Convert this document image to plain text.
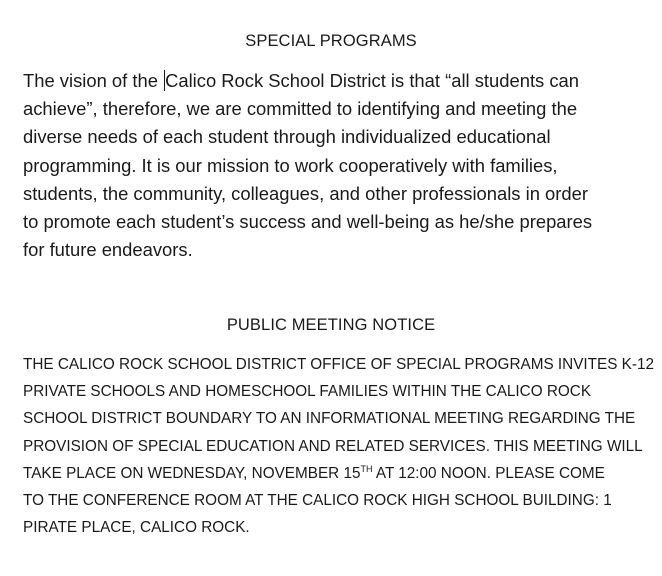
SPECIAL PROGRAMS
The vision of the Calico Rock School District is that “all students can
achieve”, therefore, we are committed to identifying and meeting the
diverse needs of each student through individualized educational
programming. It is our mission to work cooperatively with families,
students, the community, colleagues, and other professionals in order
to promote each student’s success and well-being as he/she prepares
for future endeavors.
PUBLIC MEETING NOTICE
THE CALICO ROCK SCHOOL DISTRICT OFFICE OF SPECIAL PROGRAMS INVITES K-12
PRIVATE SCHOOLS AND HOMESCHOOL FAMILIES WITHIN THE CALICO ROCK
SCHOOL DISTRICT BOUNDARY TO AN INFORMATIONAL MEETING REGARDING THE
PROVISION OF SPECIAL EDUCATION AND RELATED SERVICES. THIS MEETING WILL
TAKE PLACE ON WEDNESDAY, NOVEMBER 15TH AT 12:00 NOON. PLEASE COME
TO THE CONFERENCE ROOM AT THE CALICO ROCK HIGH SCHOOL BUILDING: 1
PIRATE PLACE, CALICO ROCK.
